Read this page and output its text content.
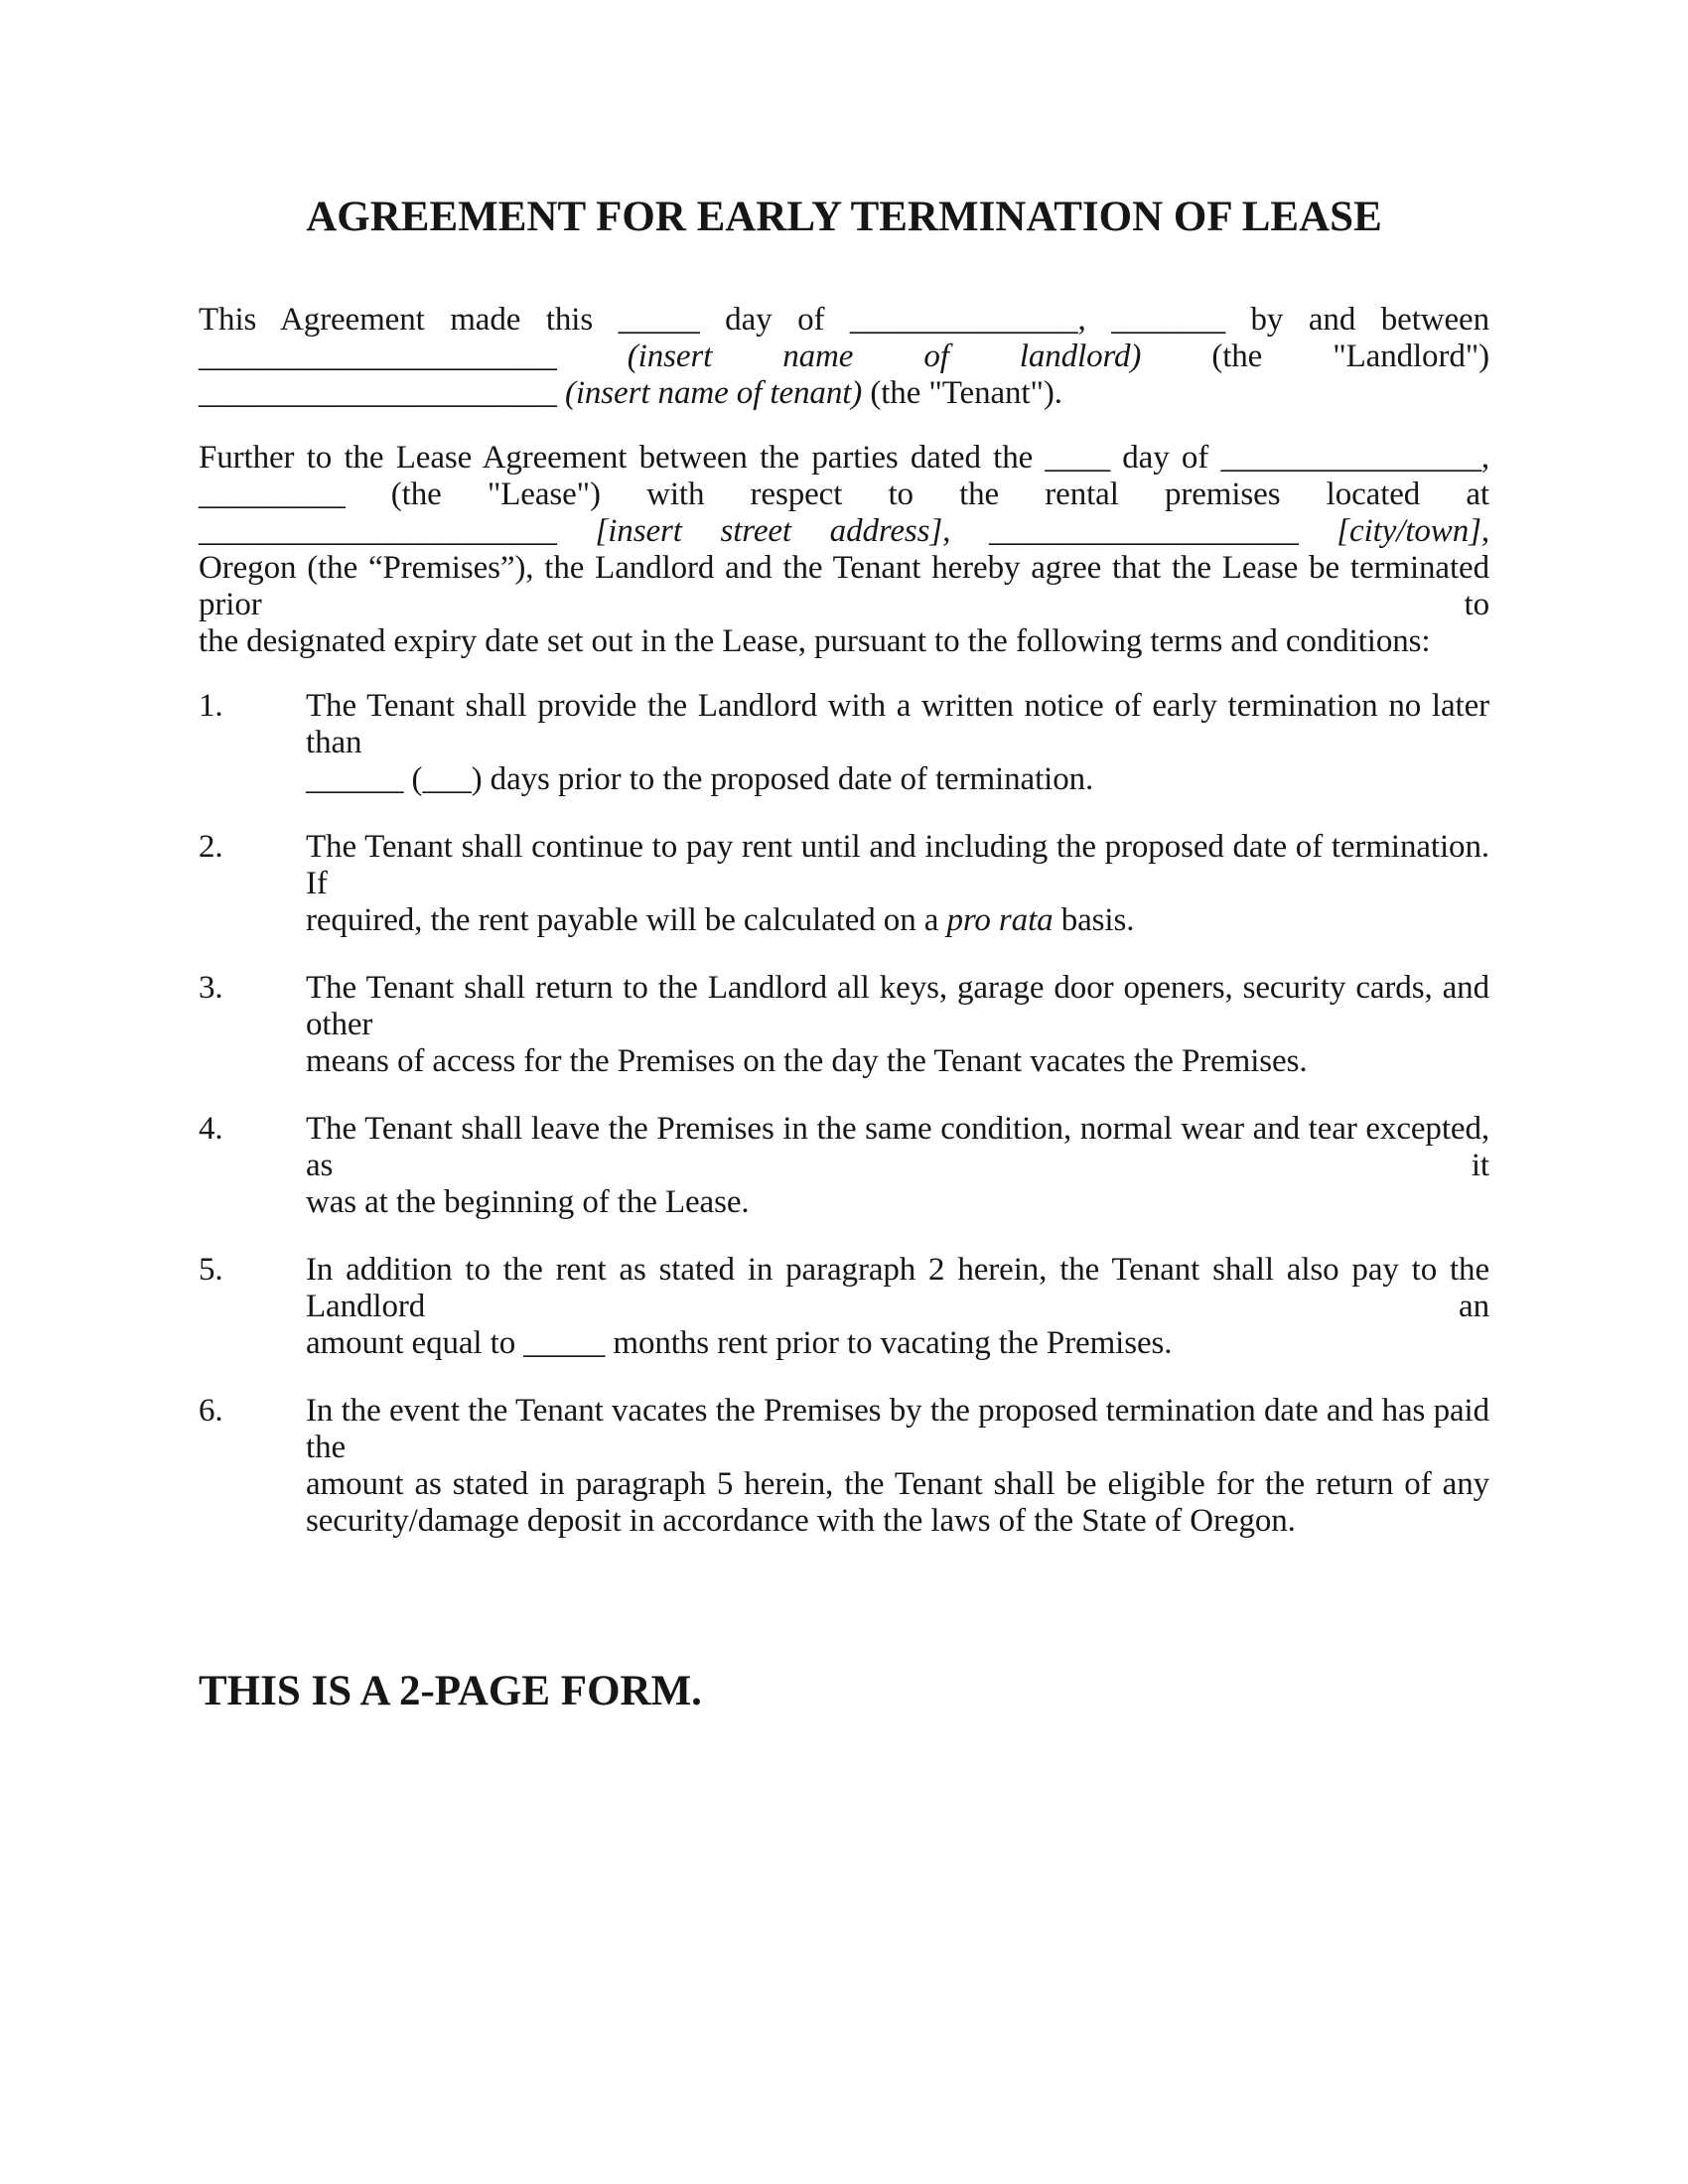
AGREEMENT FOR EARLY TERMINATION OF LEASE
This Agreement made this _____ day of ______________, _______ by and between
______________________ (insert name of landlord) (the "Landlord")
______________________ (insert name of tenant) (the "Tenant").
Further to the Lease Agreement between the parties dated the ____ day of ________________,
_________ (the "Lease") with respect to the rental premises located at
______________________ [insert street address], ___________________ [city/town],
Oregon (the “Premises”), the Landlord and the Tenant hereby agree that the Lease be terminated prior to
the designated expiry date set out in the Lease, pursuant to the following terms and conditions:
1.	The Tenant shall provide the Landlord with a written notice of early termination no later than
______ (___) days prior to the proposed date of termination.
2.	The Tenant shall continue to pay rent until and including the proposed date of termination. If
required, the rent payable will be calculated on a pro rata basis.
3.	The Tenant shall return to the Landlord all keys, garage door openers, security cards, and other
means of access for the Premises on the day the Tenant vacates the Premises.
4.	The Tenant shall leave the Premises in the same condition, normal wear and tear excepted, as it
was at the beginning of the Lease.
5.	In addition to the rent as stated in paragraph 2 herein, the Tenant shall also pay to the Landlord an
amount equal to _____ months rent prior to vacating the Premises.
6.	In the event the Tenant vacates the Premises by the proposed termination date and has paid the
amount as stated in paragraph 5 herein, the Tenant shall be eligible for the return of any
security/damage deposit in accordance with the laws of the State of Oregon.
THIS IS A 2-PAGE FORM.
